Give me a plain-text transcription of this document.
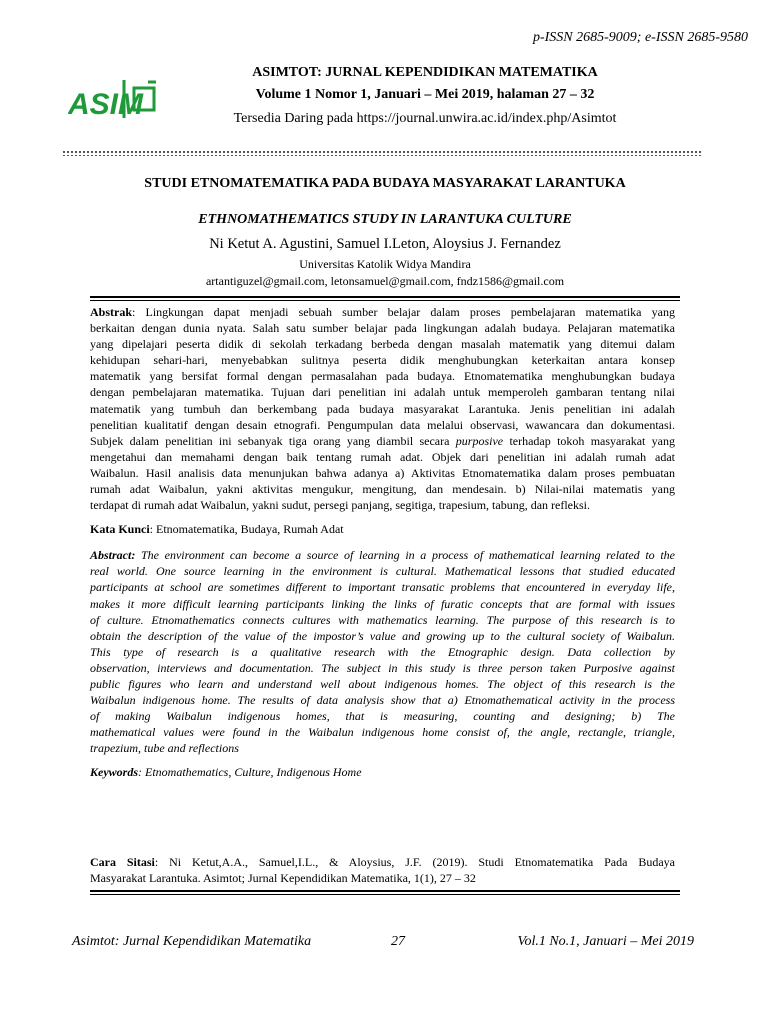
p-ISSN 2685-9009; e-ISSN 2685-9580
ASIM
ASIMTOT: JURNAL KEPENDIDIKAN MATEMATIKA
Volume 1 Nomor 1, Januari – Mei 2019, halaman 27 – 32
Tersedia Daring pada https://journal.unwira.ac.id/index.php/Asimtot
STUDI ETNOMATEMATIKA PADA BUDAYA MASYARAKAT LARANTUKA
ETHNOMATHEMATICS STUDY IN LARANTUKA CULTURE
Ni Ketut A. Agustini, Samuel I.Leton, Aloysius J. Fernandez
Universitas Katolik Widya Mandira
artantiguzel@gmail.com, letonsamuel@gmail.com, fndz1586@gmail.com
Abstrak: Lingkungan dapat menjadi sebuah sumber belajar dalam proses pembelajaran matematika yang
berkaitan dengan dunia nyata. Salah satu sumber belajar pada lingkungan adalah budaya. Pelajaran matematika
yang dipelajari peserta didik di sekolah terkadang berbeda dengan masalah matematik yang ditemui dalam
kehidupan sehari-hari, menyebabkan sulitnya peserta didik menghubungkan keterkaitan antara konsep
matematik yang bersifat formal dengan permasalahan pada budaya. Etnomatematika menghubungkan budaya
dengan pembelajaran matematika. Tujuan dari penelitian ini adalah untuk memperoleh gambaran tentang nilai
matematik yang tumbuh dan berkembang pada budaya masyarakat Larantuka. Jenis penelitian ini adalah
penelitian kualitatif dengan desain etnografi. Pengumpulan data melalui observasi, wawancara dan dokumentasi.
Subjek dalam penelitian ini sebanyak tiga orang yang diambil secara purposive terhadap tokoh masyarakat yang
mengetahui dan memahami dengan baik tentang rumah adat. Objek dari penelitian ini adalah rumah adat
Waibalun. Hasil analisis data menunjukan bahwa adanya a) Aktivitas Etnomatematika dalam proses pembuatan
rumah adat Waibalun, yakni aktivitas mengukur, mengitung, dan mendesain. b) Nilai-nilai matematis yang
terdapat di rumah adat Waibalun, yakni sudut, persegi panjang, segitiga, trapesium, tabung, dan refleksi.
Kata Kunci: Etnomatematika, Budaya, Rumah Adat
Abstract: The environment can become a source of learning in a process of mathematical learning related to the
real world. One source learning in the environment is cultural. Mathematical lessons that studied educated
participants at school are sometimes different to important transatic problems that encountered in everyday life,
makes it more difficult learning participants linking the links of furatic concepts that are formal with issues
of culture. Etnomathematics connects cultures with mathematics learning. The purpose of this research is to
obtain the description of the value of the impostor’s value and growing up to the cultural society of Waibalun.
This type of research is a qualitative research with the Etnographic design. Data collection by
observation, interviews and documentation. The subject in this study is three person taken Purposive against
public figures who learn and understand well about indigenous homes. The object of this research is the
Waibalun indigenous home. The results of data analysis show that a) Etnomathematical activity in the process
of making Waibalun indigenous homes, that is measuring, counting and designing; b) The
mathematical values were found in the Waibalun indigenous home consist of, the angle, rectangle, triangle,
trapezium, tube and reflections
Keywords: Etnomathematics, Culture, Indigenous Home
Cara Sitasi: Ni Ketut,A.A., Samuel,I.L., & Aloysius, J.F. (2019). Studi Etnomatematika Pada Budaya
Masyarakat Larantuka. Asimtot; Jurnal Kependidikan Matematika, 1(1), 27 – 32
Asimtot: Jurnal Kependidikan Matematika	27	Vol.1 No.1, Januari – Mei 2019
